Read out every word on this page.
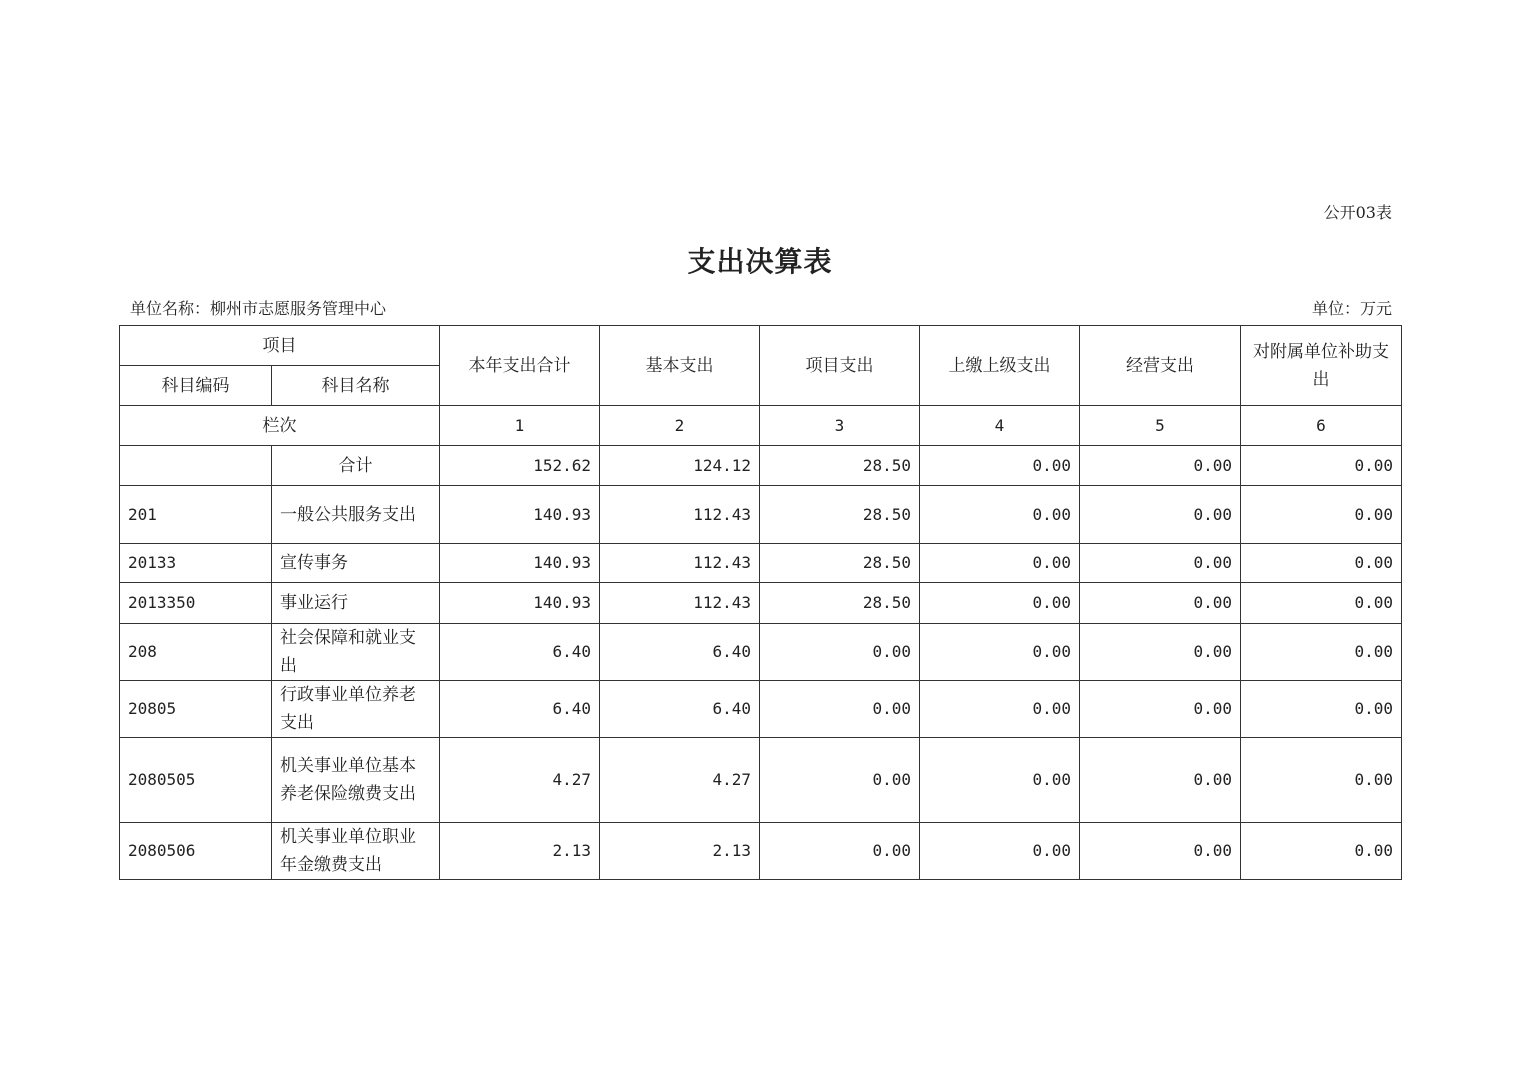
公开03表
支出决算表
单位名称：柳州市志愿服务管理中心	单位：万元
项目		本年支出合计	基本支出	项目支出	上缴上级支出	经营支出	对附属单位补助支出
科目编码	科目名称						
栏次		1	2	3	4	5	6
	合计	152.62	124.12	28.50	0.00	0.00	0.00
201	一般公共服务支出	140.93	112.43	28.50	0.00	0.00	0.00
20133	宣传事务	140.93	112.43	28.50	0.00	0.00	0.00
2013350	事业运行	140.93	112.43	28.50	0.00	0.00	0.00
208	社会保障和就业支出	6.40	6.40	0.00	0.00	0.00	0.00
20805	行政事业单位养老支出	6.40	6.40	0.00	0.00	0.00	0.00
2080505	机关事业单位基本养老保险缴费支出	4.27	4.27	0.00	0.00	0.00	0.00
2080506	机关事业单位职业年金缴费支出	2.13	2.13	0.00	0.00	0.00	0.00
